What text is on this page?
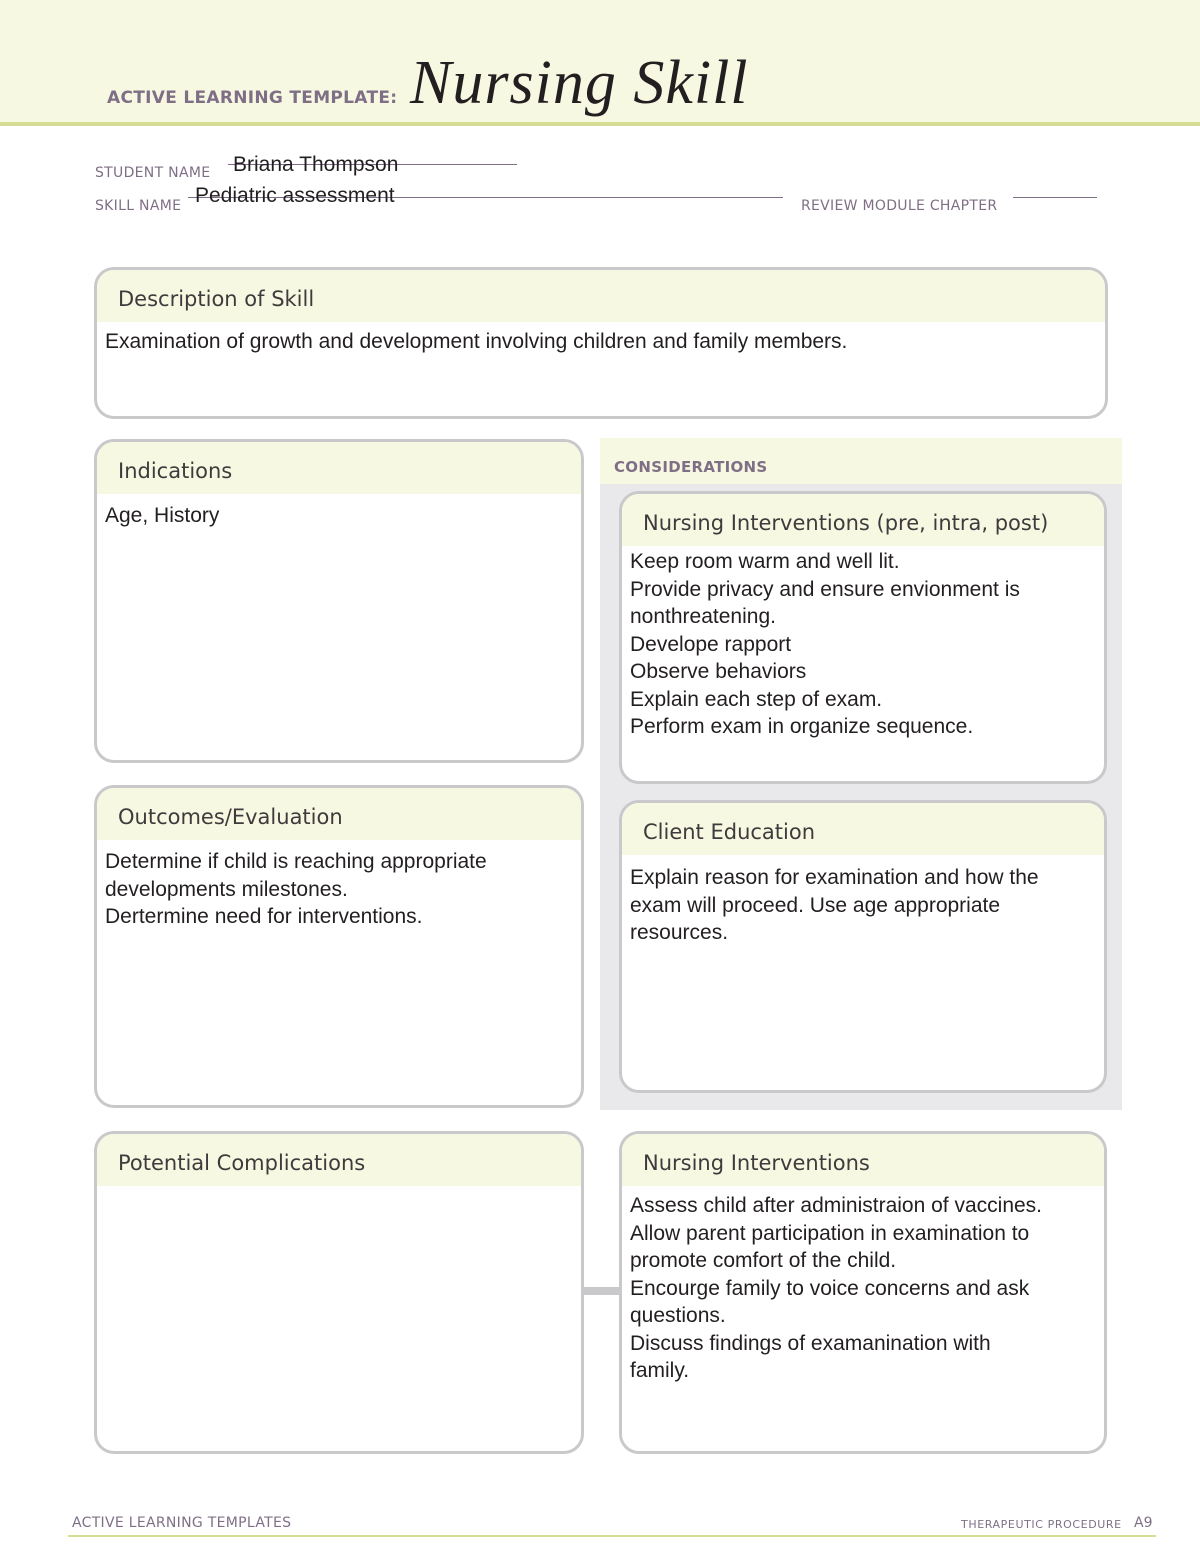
ACTIVE LEARNING TEMPLATE: Nursing Skill
STUDENT NAME Briana Thompson
SKILL NAME Pediatric assessment	REVIEW MODULE CHAPTER
Description of Skill
Examination of growth and development involving children and family members.
Indications
Age, History
Outcomes/Evaluation
Determine if child is reaching appropriate
developments milestones.
Dertermine need for interventions.
CONSIDERATIONS
Nursing Interventions (pre, intra, post)
Keep room warm and well lit.
Provide privacy and ensure envionment is
nonthreatening.
Develope rapport
Observe behaviors
Explain each step of exam.
Perform exam in organize sequence.
Client Education
Explain reason for examination and how the
exam will proceed. Use age appropriate
resources.
Potential Complications	Nursing Interventions
Assess child after administraion of vaccines.
Allow parent participation in examination to
promote comfort of the child.
Encourge family to voice concerns and ask
questions.
Discuss findings of examanination with
family.
ACTIVE LEARNING TEMPLATES	THERAPEUTIC PROCEDURE A9
